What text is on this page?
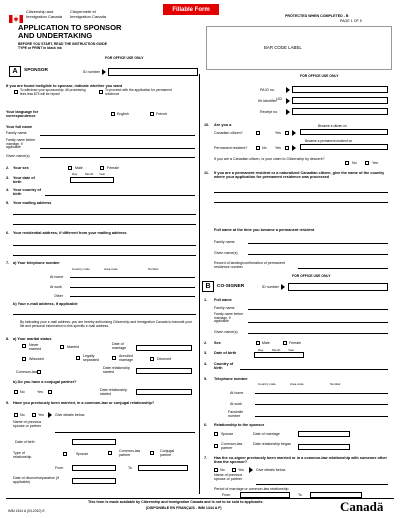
Citizenship and
Immigration Canada
Citoyenneté et
Immigration Canada
Fillable Form
PROTECTED WHEN COMPLETED - B
PAGE 1 OF 5
APPLICATION TO SPONSOR
AND UNDERTAKING
BEFORE YOU START, READ THE INSTRUCTION GUIDE
TYPE or PRINT in black ink	BAR CODE LABEL
FOR OFFICE USE ONLY
A	SPONSOR	ID number
If you are found ineligible to sponsor, indicate whether you want
To withdraw your sponsorship. All processing fees less $75 will be repaid
To proceed with the application for permanent residence
Your language for correspondence
English	French
Your full name
Family name
Family name before marriage, if applicable
Given name(s)
2. Your sex	Male	Female
3. Your date of birth
Day	Month Year
4. Your country of birth
5. Your mailing address
6. Your residential address, if different from your mailing address
7. a) Your telephone number
Country code	Area code	Number
At home
At work
Other
b) Your e-mail address, if applicable
By indicating your e-mail address, you are hereby authorizing Citizenship and Immigration Canada to transmit your file and personal information to this specific e-mail address.
8. a) Your marital status
Never married
Married
Date of marriage
Widowed
Legally separated
Annulled marriage	Divorced
Common-law
Date relationship started
b) Do you have a conjugal partner?
No	Yes	Date relationship started
9. Have you previously been married, in a common-law or conjugal relationship?
No	Yes	Give details below.
Name of previous spouse or partner
Date of birth
Type of relationship
Spouse
Common-law partner
Conjugal partner
From	To
Date of divorce/separation (if applicable)
FOR OFFICE USE ONLY
PA ID no.
UCI
Kit identifier
Receipt no.
10. Are you a
Canadian citizen?	Yes
Became a citizen on
Permanent resident?	No Yes
Became a permanent resident on
If you are a Canadian citizen, is your claim to Citizenship by descent?
No	Yes
11. If you are a permanent resident or a naturalized Canadian citizen, give the name of the country where your application for permanent residence was processed
Full name at the time you became a permanent resident
Family name
Given name(s)
Record of landing/confirmation of permanent residence number
FOR OFFICE USE ONLY
B	CO-SIGNER	ID number
1. Full name
Family name
Family name before marriage, if applicable
Given name(s)
2. Sex	Male	Female
3. Date of birth
Day	Month	Year
4. Country of birth
5. Telephone number
Country code	Area code	Number
At home
At work
Facsimile number
6. Relationship to the sponsor
Spouse	Date of marriage
Common-law partner
Date relationship began
7. Has the co-signer previously been married or in a common-law relationship with someone other than the sponsor?
No	Yes	Give details below.
Name of previous spouse or partner
Period of marriage or common-law relationship
From	To
This form is made available by Citizenship and Immigration Canada and is not to be sold to applicants.
(DISPONIBLE EN FRANÇAIS - IMM 1344 A F)
IMM 1344 A (03-2010) E	Canadä
